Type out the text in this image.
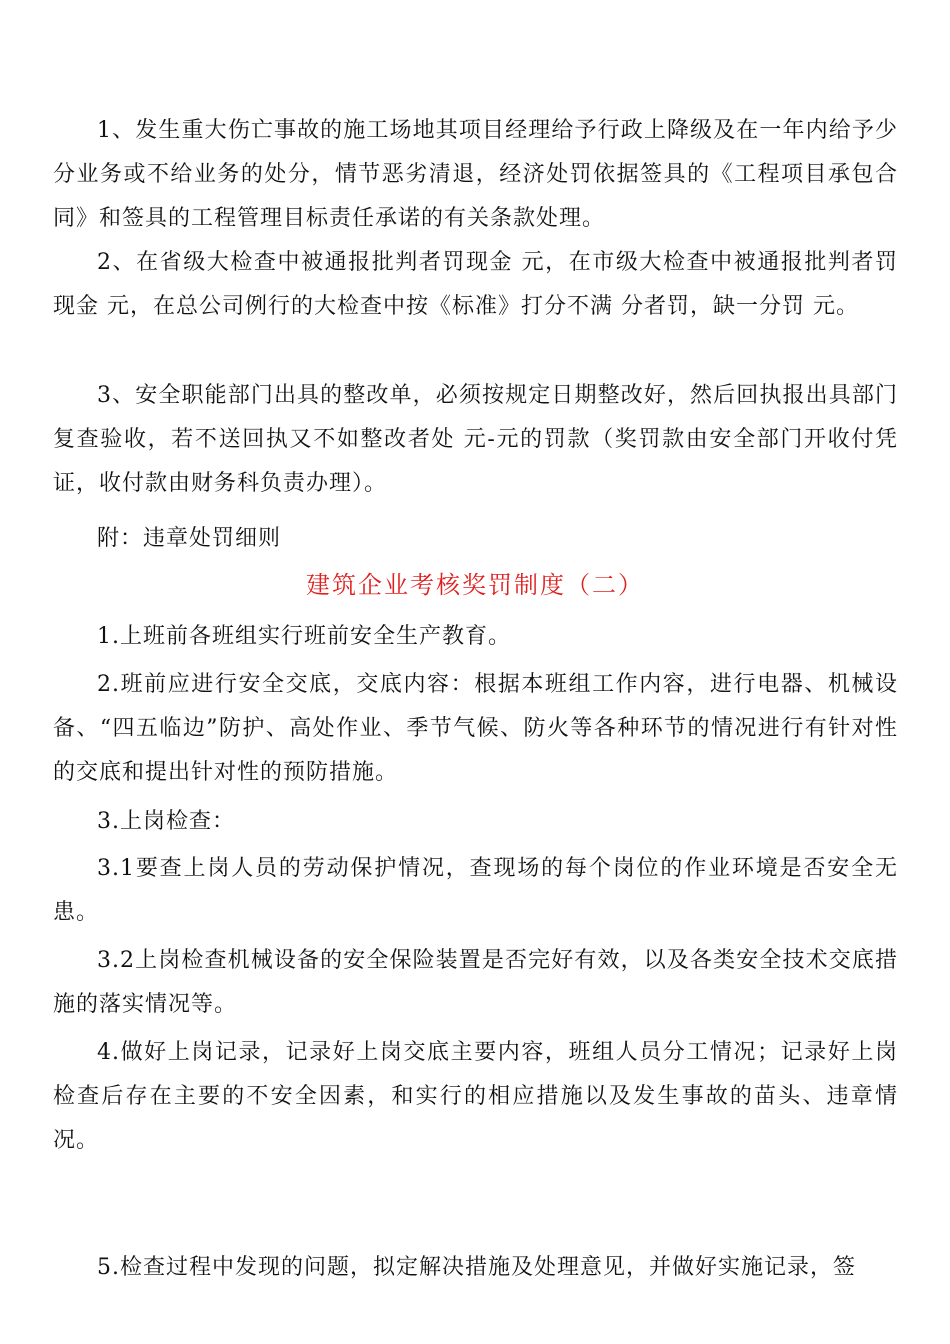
1、发生重大伤亡事故的施工场地其项目经理给予行政上降级及在一年内给予少分业务或不给业务的处分，情节恶劣清退，经济处罚依据签具的《工程项目承包合同》和签具的工程管理目标责任承诺的有关条款处理。

2、在省级大检查中被通报批判者罚现金 元，在市级大检查中被通报批判者罚现金 元，在总公司例行的大检查中按《标准》打分不满 分者罚，缺一分罚 元。

3、安全职能部门出具的整改单，必须按规定日期整改好，然后回执报出具部门复查验收，若不送回执又不如整改者处 元-元的罚款（奖罚款由安全部门开收付凭证，收付款由财务科负责办理）。

附：违章处罚细则

建筑企业考核奖罚制度（二）

1.上班前各班组实行班前安全生产教育。

2.班前应进行安全交底，交底内容：根据本班组工作内容，进行电器、机械设备、“四五临边”防护、高处作业、季节气候、防火等各种环节的情况进行有针对性的交底和提出针对性的预防措施。

3.上岗检查：

3.1要查上岗人员的劳动保护情况，查现场的每个岗位的作业环境是否安全无患。

3.2上岗检查机械设备的安全保险装置是否完好有效，以及各类安全技术交底措施的落实情况等。

4.做好上岗记录，记录好上岗交底主要内容，班组人员分工情况；记录好上岗检查后存在主要的不安全因素，和实行的相应措施以及发生事故的苗头、违章情况。

5.检查过程中发现的问题，拟定解决措施及处理意见，并做好实施记录，签
